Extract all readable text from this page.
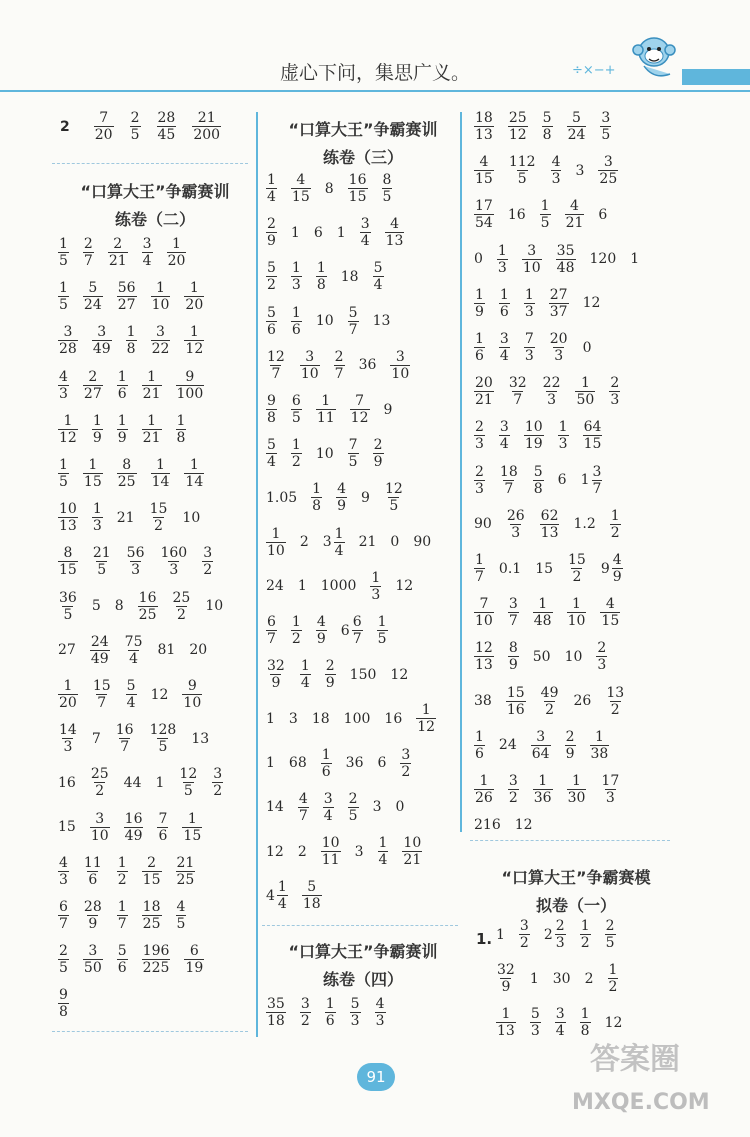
虚心下问，集思广义。	÷×−+
$2 \frac{7}{20} \frac{2}{5} \frac{28}{45} \frac{21}{200}$
“口算大王”争霸赛训
练卷（二）
$\frac{1}{5} \frac{2}{7} \frac{2}{21} \frac{3}{4} \frac{1}{20}$
$\frac{1}{5} \frac{5}{24} \frac{56}{27} \frac{1}{10} \frac{1}{20}$
$\frac{3}{28} \frac{3}{49} \frac{1}{8} \frac{3}{22} \frac{1}{12}$
$\frac{4}{3} \frac{2}{27} \frac{1}{6} \frac{1}{21} \frac{9}{100}$
$\frac{1}{12} \frac{1}{9} \frac{1}{9} \frac{1}{21} \frac{1}{8}$
$\frac{1}{5} \frac{1}{15} \frac{8}{25} \frac{1}{14} \frac{1}{14}$
$\frac{10}{13} \frac{1}{3} 21 \frac{15}{2} 10$
$\frac{8}{15} \frac{21}{5} \frac{56}{3} \frac{160}{3} \frac{3}{2}$
$\frac{36}{5} 5$ $8 \frac{16}{25} \frac{25}{2} 10$
$27 \frac{24}{49} \frac{75}{4} 81$ 20
$\frac{1}{20} \frac{15}{7} \frac{5}{4} 12 \frac{9}{10}$
$\frac{14}{3} 7 \frac{16}{7} \frac{128}{5} 13$
$16 \frac{25}{2} 44$ $1 \frac{12}{5} \frac{3}{2}$
$15 \frac{3}{10} \frac{16}{49} \frac{7}{6} \frac{1}{15}$
$\frac{4}{3} \frac{11}{6} \frac{1}{2} \frac{2}{15} \frac{21}{25}$
$\frac{6}{7} \frac{28}{9} \frac{1}{7} \frac{18}{25} \frac{4}{5}$
$\frac{2}{5} \frac{3}{50} \frac{5}{6} \frac{196}{225} \frac{6}{19}$
$\frac{9}{8}$
“口算大王”争霸赛训
练卷（三）
$\frac{1}{4} \frac{4}{15} 8 \frac{16}{15} \frac{8}{5}$
$\frac{2}{9} 1$ 6 $1 \frac{3}{4} \frac{4}{13}$
$\frac{5}{2} \frac{1}{3} \frac{1}{8} 18 \frac{5}{4}$
$\frac{5}{6} \frac{1}{6} 10 \frac{5}{7} 13$
$\frac{12}{7} \frac{3}{10} \frac{2}{7} 36 \frac{3}{10}$
$\frac{9}{8} \frac{6}{5} \frac{1}{11} \frac{7}{12} 9$
$\frac{5}{4} \frac{1}{2} 10 \frac{7}{5} \frac{2}{9}$
$1.05 \frac{1}{8} \frac{4}{9} 9 \frac{12}{5}$
$\frac{1}{10} 2$ $3 \frac{1}{4} 21$ 0 90
24 1 $1000 \frac{1}{3} 12$
$\frac{6}{7} \frac{1}{2} \frac{4}{9} 6 \frac{6}{7} \frac{1}{5}$
$\frac{32}{9} \frac{1}{4} \frac{2}{9} 150$ 12
1 3 18 100 $16 \frac{1}{12}$
1 $68 \frac{1}{6} 36$ $6 \frac{3}{2}$
$14 \frac{4}{7} \frac{3}{4} \frac{2}{5} 3$ 0
12 $2 \frac{10}{11} 3 \frac{1}{4} \frac{10}{21}$
$4 \frac{1}{4} \frac{5}{18}$
“口算大王”争霸赛训
练卷（四）
$\frac{35}{18} \frac{3}{2} \frac{1}{6} \frac{5}{3} \frac{4}{3}$
$\frac{18}{13} \frac{25}{12} \frac{5}{8} \frac{5}{24} \frac{3}{5}$
$\frac{4}{15} \frac{112}{5} \frac{4}{3} 3 \frac{3}{25}$
$\frac{17}{54} 16 \frac{1}{5} \frac{4}{21} 6$
$0 \frac{1}{3} \frac{3}{10} \frac{35}{48} 120$ 1
$\frac{1}{9} \frac{1}{6} \frac{1}{3} \frac{27}{37} 12$
$\frac{1}{6} \frac{3}{4} \frac{7}{3} \frac{20}{3} 0$
$\frac{20}{21} \frac{32}{7} \frac{22}{3} \frac{1}{50} \frac{2}{3}$
$\frac{2}{3} \frac{3}{4} \frac{10}{19} \frac{1}{3} \frac{64}{15}$
$\frac{2}{3} \frac{18}{7} \frac{5}{8} 6$ $1 \frac{3}{7}$
$90 \frac{26}{3} \frac{62}{13} 1.2 \frac{1}{2}$
$\frac{1}{7} 0.1$ $15 \frac{15}{2} 9 \frac{4}{9}$
$\frac{7}{10} \frac{3}{7} \frac{1}{48} \frac{1}{10} \frac{4}{15}$
$\frac{12}{13} \frac{8}{9} 50$ $10 \frac{2}{3}$
$38 \frac{15}{16} \frac{49}{2} 26 \frac{13}{2}$
$\frac{1}{6} 24 \frac{3}{64} \frac{2}{9} \frac{1}{38}$
$\frac{1}{26} \frac{3}{2} \frac{1}{36} \frac{1}{30} \frac{17}{3}$
216 12
“口算大王”争霸赛模
拟卷（一）
1. $1 \frac{3}{2} 2 \frac{2}{3} \frac{1}{2} \frac{2}{5}$
$\frac{32}{9} 1$ 30 $2 \frac{1}{2}$
$\frac{1}{13} \frac{5}{3} \frac{3}{4} \frac{1}{8} 12$
91	答案圈
MXQE.COM
